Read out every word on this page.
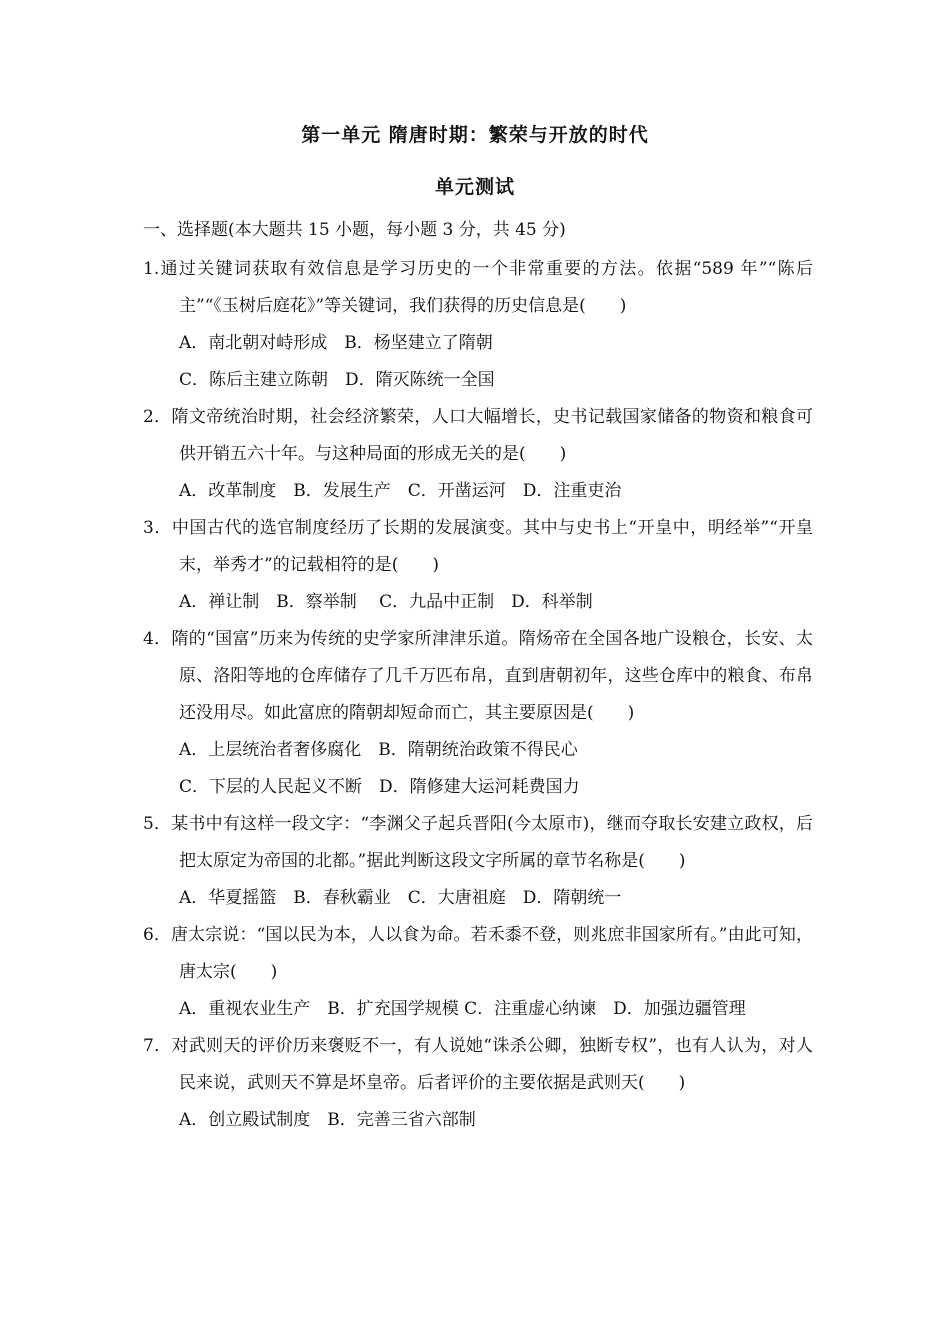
第一单元 隋唐时期：繁荣与开放的时代
单元测试
一、选择题(本大题共 15 小题，每小题 3 分，共 45 分)
1.通过关键词获取有效信息是学习历史的一个非常重要的方法。依据“589 年”“陈后主”“《玉树后庭花》”等关键词，我们获得的历史信息是(　　)
A．南北朝对峙形成　B．杨坚建立了隋朝
C．陈后主建立陈朝　D．隋灭陈统一全国
2．隋文帝统治时期，社会经济繁荣，人口大幅增长，史书记载国家储备的物资和粮食可供开销五六十年。与这种局面的形成无关的是(　　)
A．改革制度　B．发展生产　C．开凿运河　D．注重吏治
3．中国古代的选官制度经历了长期的发展演变。其中与史书上“开皇中，明经举”“开皇末，举秀才”的记载相符的是(　　)
A．禅让制　B．察举制　 C．九品中正制　D．科举制
4．隋的“国富”历来为传统的史学家所津津乐道。隋炀帝在全国各地广设粮仓，长安、太原、洛阳等地的仓库储存了几千万匹布帛，直到唐朝初年，这些仓库中的粮食、布帛还没用尽。如此富庶的隋朝却短命而亡，其主要原因是(　　)
A．上层统治者奢侈腐化　B．隋朝统治政策不得民心
C．下层的人民起义不断　D．隋修建大运河耗费国力
5．某书中有这样一段文字：“李渊父子起兵晋阳(今太原市)，继而夺取长安建立政权，后把太原定为帝国的北都。”据此判断这段文字所属的章节名称是(　　)
A．华夏摇篮　B．春秋霸业　C．大唐祖庭　D．隋朝统一
6．唐太宗说：“国以民为本，人以食为命。若禾黍不登，则兆庶非国家所有。”由此可知，唐太宗(　　)
A．重视农业生产　B．扩充国学规模 C．注重虚心纳谏　D．加强边疆管理
7．对武则天的评价历来褒贬不一，有人说她“诛杀公卿，独断专权”，也有人认为，对人民来说，武则天不算是坏皇帝。后者评价的主要依据是武则天(　　)
A．创立殿试制度　B．完善三省六部制
